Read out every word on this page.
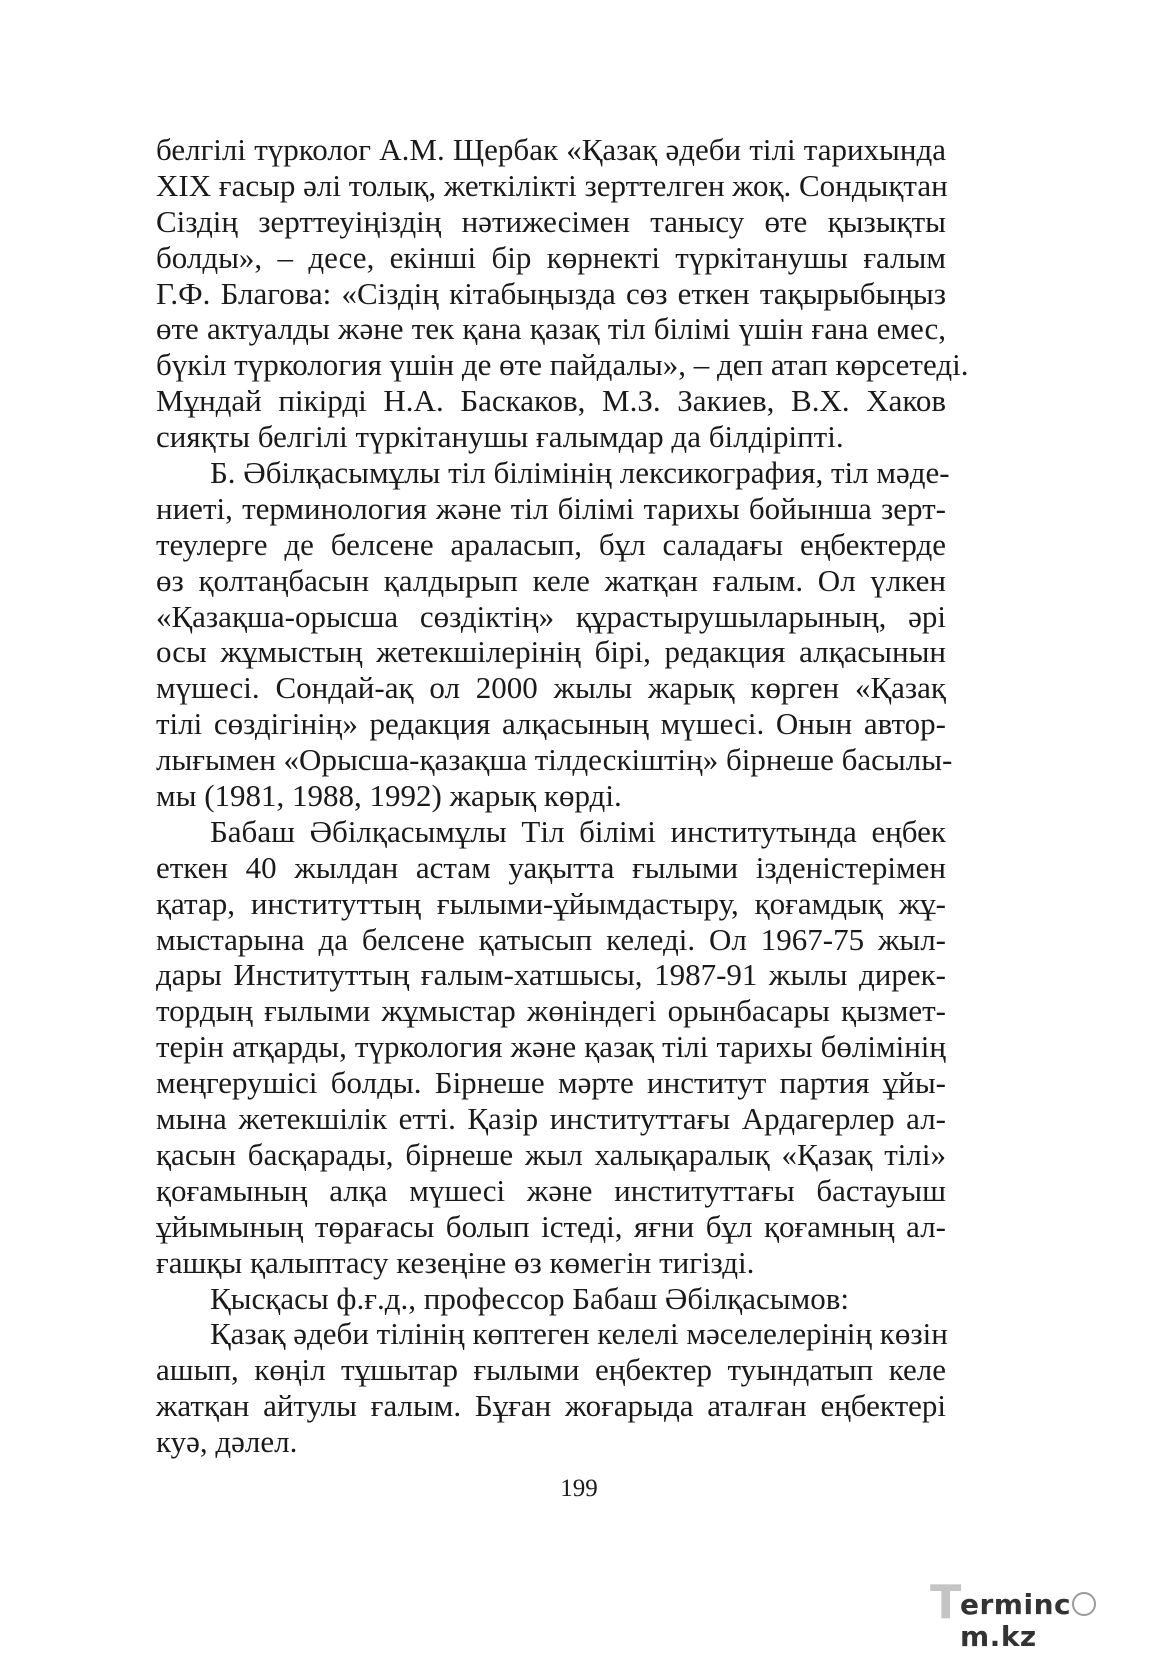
белгілі түрколог А.М. Щербак «Қазақ әдеби тілі тарихында
XIX ғасыр әлі толық, жеткілікті зерттелген жоқ. Сондықтан
Сіздің зерттеуіңіздің нәтижесімен танысу өте қызықты
болды», – десе, екінші бір көрнекті түркітанушы ғалым
Г.Ф. Благова: «Сіздің кітабыңызда сөз еткен тақырыбыңыз
өте актуалды және тек қана қазақ тіл білімі үшін ғана емес,
бүкіл түркология үшін де өте пайдалы», – деп атап көрсетеді.
Мұндай пікірді Н.А. Баскаков, М.З. Закиев, В.Х. Хаков
сияқты белгілі түркітанушы ғалымдар да білдіріпті.
Б. Әбілқасымұлы тіл білімінің лексикография, тіл мәде-
ниеті, терминология және тіл білімі тарихы бойынша зерт-
теулерге де белсене араласып, бұл саладағы еңбектерде
өз қолтаңбасын қалдырып келе жатқан ғалым. Ол үлкен
«Қазақша-орысша сөздіктің» құрастырушыларының, әрі
осы жұмыстың жетекшілерінің бірі, редакция алқасынын
мүшесі. Сондай-ақ ол 2000 жылы жарық көрген «Қазақ
тілі сөздігінің» редакция алқасының мүшесі. Онын автор-
лығымен «Орысша-қазақша тілдескіштің» бірнеше басылы-
мы (1981, 1988, 1992) жарық көрді.
Бабаш Әбілқасымұлы Тіл білімі институтында еңбек
еткен 40 жылдан астам уақытта ғылыми ізденістерімен
қатар, институттың ғылыми-ұйымдастыру, қоғамдық жұ-
мыстарына да белсене қатысып келеді. Ол 1967-75 жыл-
дары Институттың ғалым-хатшысы, 1987-91 жылы дирек-
тордың ғылыми жұмыстар жөніндегі орынбасары қызмет-
терін атқарды, түркология және қазақ тілі тарихы бөлімінің
меңгерушісі болды. Бірнеше мәрте институт партия ұйы-
мына жетекшілік етті. Қазір институттағы Ардагерлер ал-
қасын басқарады, бірнеше жыл халықаралық «Қазақ тілі»
қоғамының алқа мүшесі және институттағы бастауыш
ұйымының төрағасы болып істеді, яғни бұл қоғамның ал-
ғашқы қалыптасу кезеңіне өз көмегін тигізді.
Қысқасы ф.ғ.д., профессор Бабаш Әбілқасымов:
Қазақ әдеби тілінің көптеген келелі мәселелерінің көзін
ашып, көңіл тұшытар ғылыми еңбектер туындатып келе
жатқан айтулы ғалым. Бұған жоғарыда аталған еңбектері
куә, дәлел.
199
T
ermincm.kz
